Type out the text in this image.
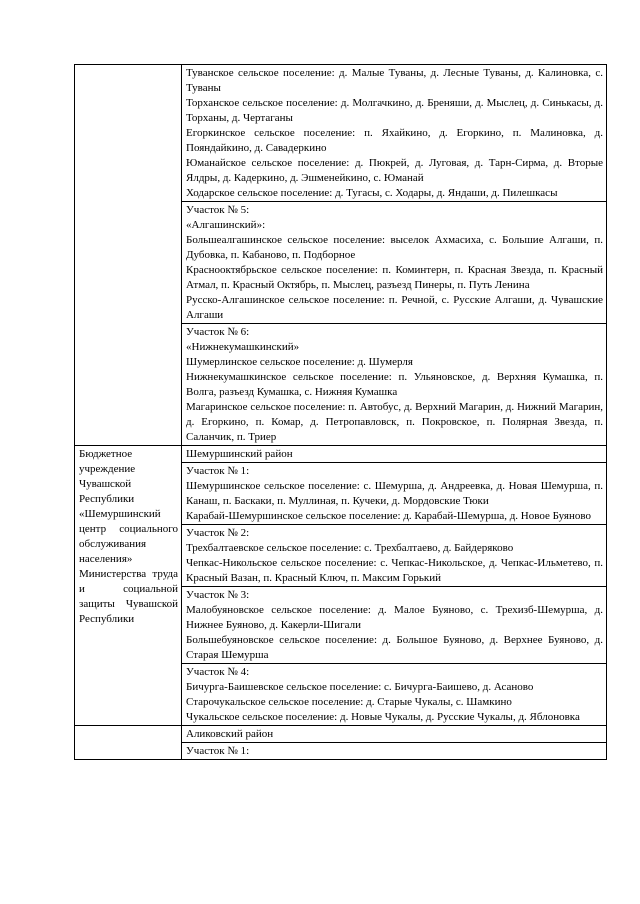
	Туванское сельское поселение: д. Малые Туваны, д. Лесные Туваны, д. Калиновка, с. Туваны

Торханское сельское поселение: д. Молгачкино, д. Бреняши, д. Мыслец, д. Синькасы, д. Торханы, д. Чертаганы

Егоркинское сельское поселение: п. Яхайкино, д. Егоркино, п. Малиновка, д. Пояндайкино, д. Савадеркино

Юманайское сельское поселение: д. Пюкрей, д. Луговая, д. Тарн-Сирма, д. Вторые Ялдры, д. Кадеркино, д. Эшменейкино, с. Юманай

Ходарское сельское поселение: д. Тугасы, с. Ходары, д. Яндаши, д. Пилешкасы

	Участок № 5:

«Алгашинский»:

Большеалгашинское сельское поселение: выселок Ахмасиха, с. Большие Алгаши, п. Дубовка, п. Кабаново, п. Подборное

Краснооктябрьское сельское поселение: п. Коминтерн, п. Красная Звезда, п. Красный Атмал, п. Красный Октябрь, п. Мыслец, разъезд Пинеры, п. Путь Ленина

Русско-Алгашинское сельское поселение: п. Речной, с. Русские Алгаши, д. Чувашские Алгаши

	Участок № 6:

«Нижнекумашкинский»

Шумерлинское сельское поселение: д. Шумерля

Нижнекумашкинское сельское поселение: п. Ульяновское, д. Верхняя Кумашка, п. Волга, разъезд Кумашка, с. Нижняя Кумашка

Магаринское сельское поселение: п. Автобус, д. Верхний Магарин, д. Нижний Магарин, д. Егоркино, п. Комар, д. Петропавловск, п. Покровское, п. Полярная Звезда, п. Саланчик, п. Триер

Бюджетное учреждение Чувашской Республики «Шемуршинский центр социального обслуживания населения» Министерства труда и социальной защиты Чувашской Республики	Шемуршинский район

	Участок № 1:

Шемуршинское сельское поселение: с. Шемурша, д. Андреевка, д. Новая Шемурша, п. Канаш, п. Баскаки, п. Муллиная, п. Кучеки, д. Мордовские Тюки

Карабай-Шемуршинское сельское поселение: д. Карабай-Шемурша, д. Новое Буяново

	Участок № 2:

Трехбалтаевское сельское поселение: с. Трехбалтаево, д. Байдеряково

Чепкас-Никольское сельское поселение: с. Чепкас-Никольское, д. Чепкас-Ильметево, п. Красный Вазан, п. Красный Ключ, п. Максим Горький

	Участок № 3:

Малобуяновское сельское поселение: д. Малое Буяново, с. Трехизб-Шемурша, д. Нижнее Буяново, д. Какерли-Шигали

Большебуяновское сельское поселение: д. Большое Буяново, д. Верхнее Буяново, д. Старая Шемурша

	Участок № 4:

Бичурга-Баишевское сельское поселение: с. Бичурга-Баишево, д. Асаново

Старочукальское сельское поселение: д. Старые Чукалы, с. Шамкино

Чукальское сельское поселение: д. Новые Чукалы, д. Русские Чукалы, д. Яблоновка

	Аликовский район

	Участок № 1:
